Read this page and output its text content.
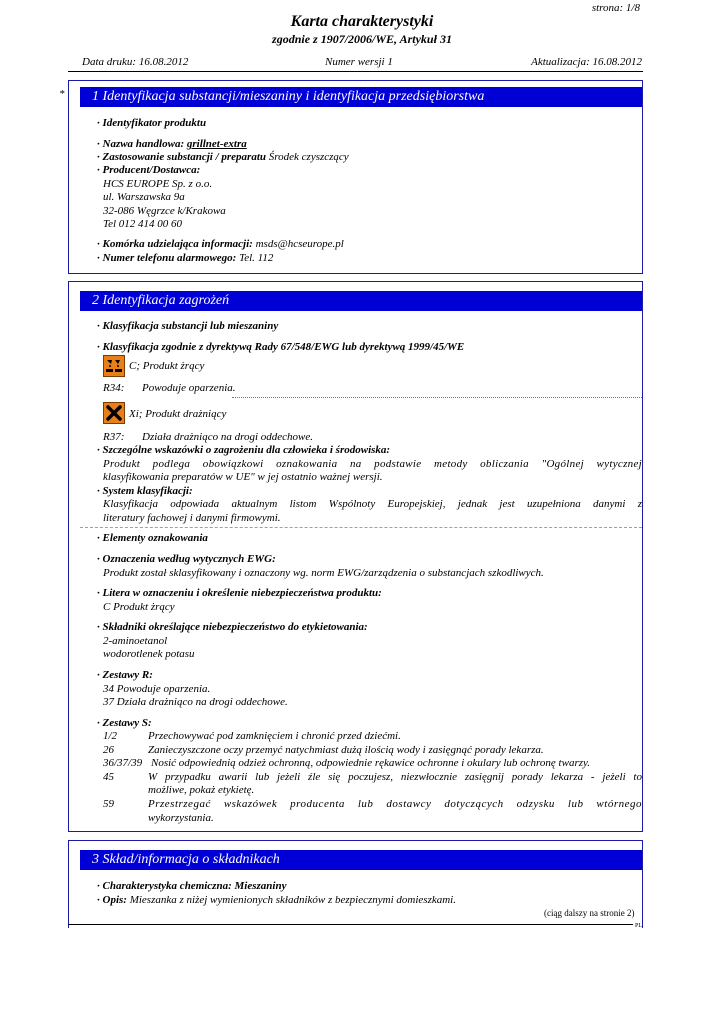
strona: 1/8
Karta charakterystyki
zgodnie z 1907/2006/WE, Artykuł 31
Data druku: 16.08.2012	Numer wersji 1	Aktualizacja: 16.08.2012
*	1 Identyfikacja substancji/mieszaniny i identyfikacja przedsiębiorstwa
· Identyfikator produktu
· Nazwa handlowa: grillnet-extra
· Zastosowanie substancji / preparatu Środek czyszczący
· Producent/Dostawca:
HCS EUROPE Sp. z o.o.
ul. Warszawska 9a
32-086 Węgrzce k/Krakowa
Tel 012 414 00 60
· Komórka udzielająca informacji: msds@hcseurope.pl
· Numer telefonu alarmowego: Tel. 112
2 Identyfikacja zagrożeń
· Klasyfikacja substancji lub mieszaniny
· Klasyfikacja zgodnie z dyrektywą Rady 67/548/EWG lub dyrektywą 1999/45/WE
C; Produkt żrący
R34: Powoduje oparzenia.
Xi; Produkt drażniący
R37: Działa drażniąco na drogi oddechowe.
· Szczególne wskazówki o zagrożeniu dla człowieka i środowiska:
Produkt podlega obowiązkowi oznakowania na podstawie metody obliczania "Ogólnej wytycznej
klasyfikowania preparatów w UE" w jej ostatnio ważnej wersji.
· System klasyfikacji:
Klasyfikacja odpowiada aktualnym listom Wspólnoty Europejskiej, jednak jest uzupełniona danymi z
literatury fachowej i danymi firmowymi.
· Elementy oznakowania
· Oznaczenia według wytycznych EWG:
Produkt został sklasyfikowany i oznaczony wg. norm EWG/zarządzenia o substancjach szkodliwych.
· Litera w oznaczeniu i określenie niebezpieczeństwa produktu:
C Produkt żrący
· Składniki określające niebezpieczeństwo do etykietowania:
2-aminoetanol
wodorotlenek potasu
· Zestawy R:
34 Powoduje oparzenia.
37 Działa drażniąco na drogi oddechowe.
· Zestawy S:
1/2	Przechowywać pod zamknięciem i chronić przed dziećmi.
26	Zanieczyszczone oczy przemyć natychmiast dużą ilością wody i zasięgnąć porady lekarza.
36/37/39 Nosić odpowiednią odzież ochronną, odpowiednie rękawice ochronne i okulary lub ochronę twarzy.
45	W przypadku awarii lub jeżeli źle się poczujesz, niezwłocznie zasięgnij porady lekarza - jeżeli to
możliwe, pokaż etykietę.
59	Przestrzegać wskazówek producenta lub dostawcy dotyczących odzysku lub wtórnego
wykorzystania.
3 Skład/informacja o składnikach
· Charakterystyka chemiczna: Mieszaniny
· Opis: Mieszanka z niżej wymienionych składników z bezpiecznymi domieszkami.
(ciąg dalszy na stronie 2)
PL
